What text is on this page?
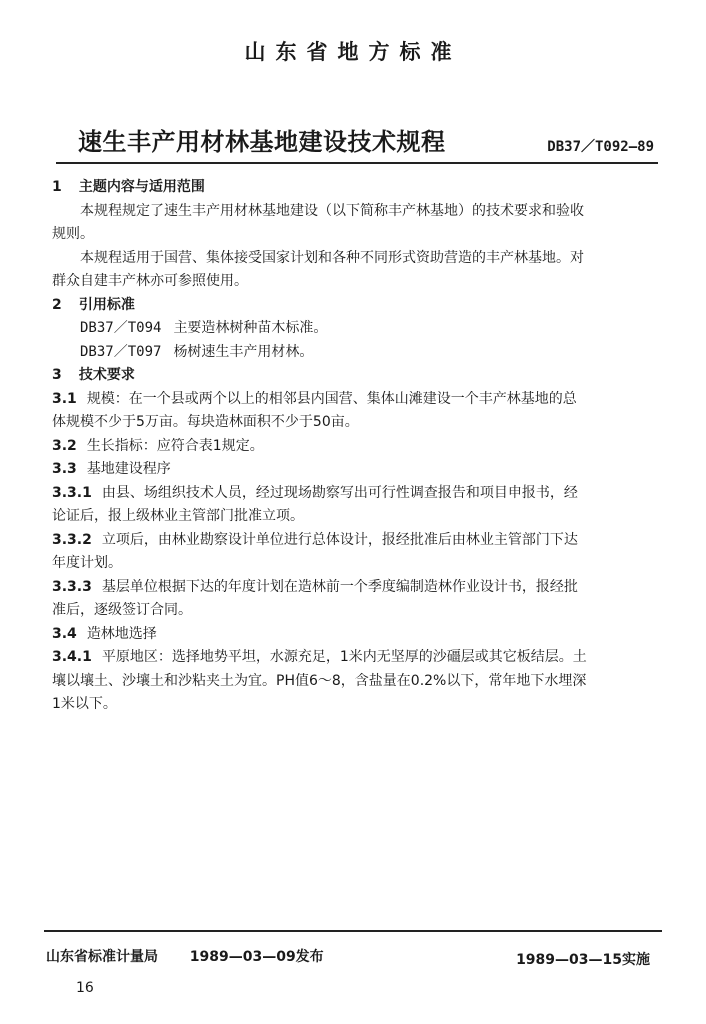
山东省地方标准
速生丰产用材林基地建设技术规程	DB37／T092—89

1 主题内容与适用范围

本规程规定了速生丰产用材林基地建设（以下简称丰产林基地）的技术要求和验收

规则。

本规程适用于国营、集体接受国家计划和各种不同形式资助营造的丰产林基地。对

群众自建丰产林亦可参照使用。

2 引用标准

DB37／T094 主要造林树种苗木标准。

DB37／T097 杨树速生丰产用材林。

3 技术要求

3.1 规模：在一个县或两个以上的相邻县内国营、集体山滩建设一个丰产林基地的总

体规模不少于5万亩。每块造林面积不少于50亩。

3.2 生长指标：应符合表1规定。

3.3 基地建设程序

3.3.1 由县、场组织技术人员，经过现场勘察写出可行性调查报告和项目申报书，经

论证后，报上级林业主管部门批准立项。

3.3.2 立项后，由林业勘察设计单位进行总体设计，报经批准后由林业主管部门下达

年度计划。

3.3.3 基层单位根据下达的年度计划在造林前一个季度编制造林作业设计书，报经批

准后，逐级签订合同。

3.4 造林地选择

3.4.1 平原地区：选择地势平坦，水源充足，1米内无坚厚的沙礓层或其它板结层。土

壤以壤土、沙壤土和沙粘夹土为宜。PH值6～8，含盐量在0.2%以下，常年地下水埋深

1米以下。

山东省标准计量局 1989—03—09发布	1989—03—15实施
16
